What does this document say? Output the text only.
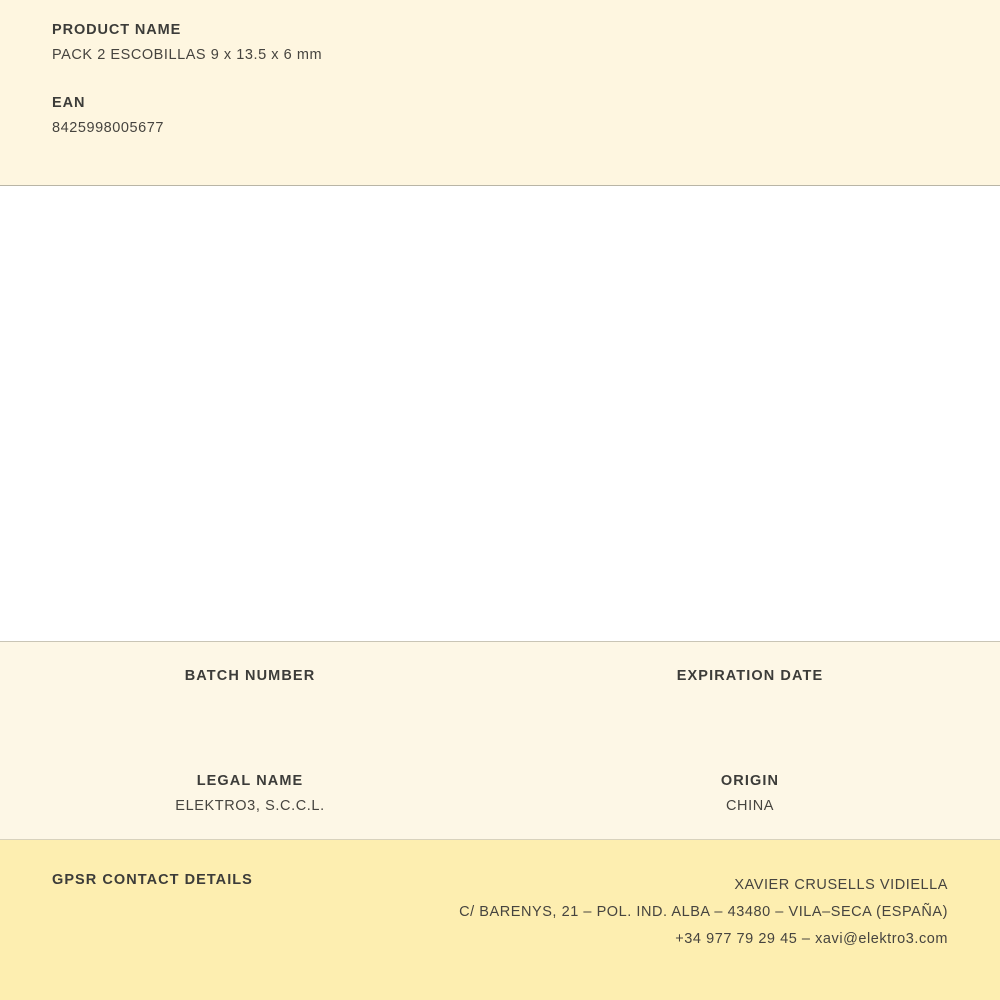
PRODUCT NAME
PACK 2 ESCOBILLAS 9 x 13.5 x 6 mm
EAN
8425998005677
BATCH NUMBER	EXPIRATION DATE
LEGAL NAME
ELEKTRO3, S.C.C.L.
ORIGIN
CHINA
GPSR CONTACT DETAILS	XAVIER CRUSELLS VIDIELLA
C/ BARENYS, 21 – POL. IND. ALBA – 43480 – VILA–SECA (ESPAÑA)
+34 977 79 29 45 – xavi@elektro3.com
